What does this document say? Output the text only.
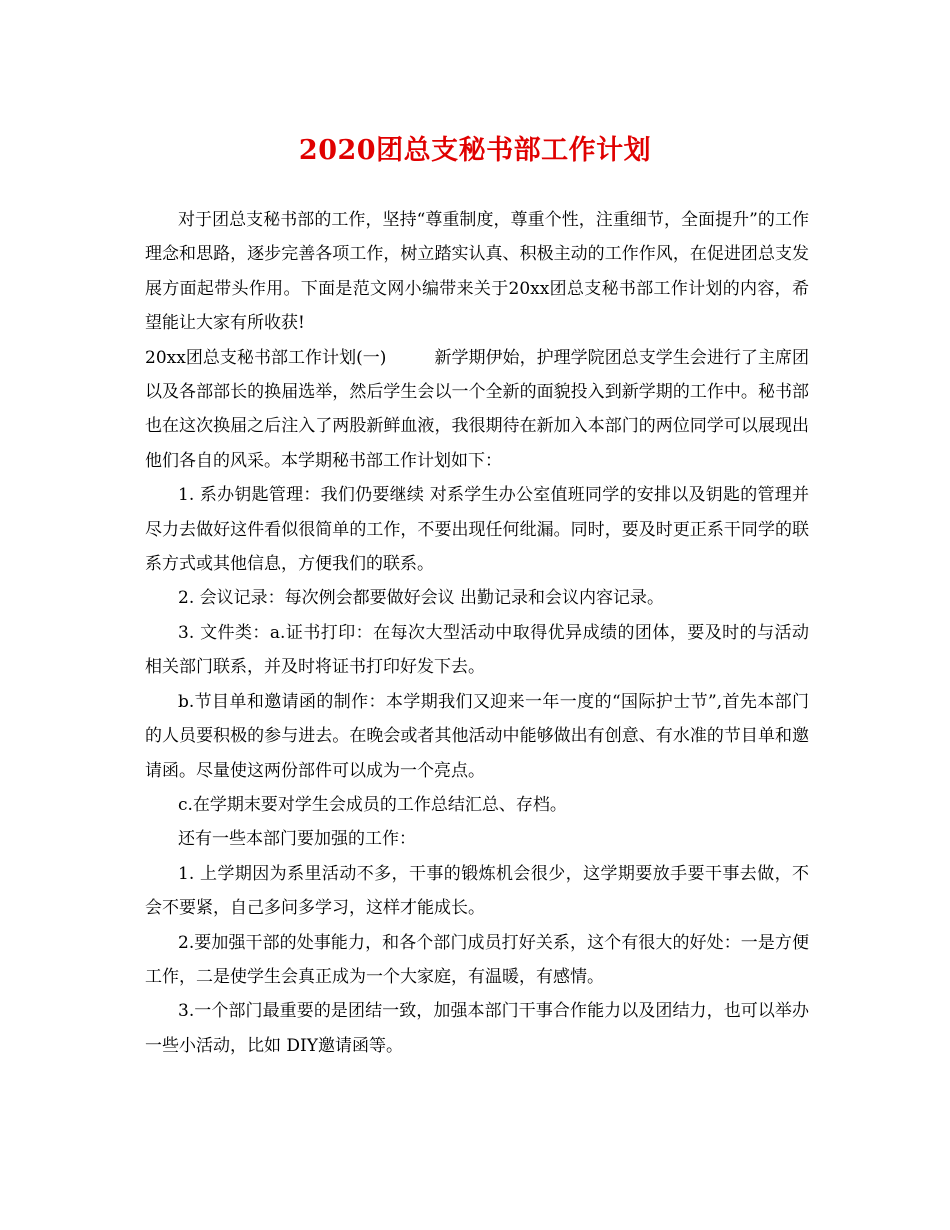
2020团总支秘书部工作计划

对于团总支秘书部的工作，坚持“尊重制度，尊重个性，注重细节，全面提升”的工作理念和思路，逐步完善各项工作，树立踏实认真、积极主动的工作作风，在促进团总支发展方面起带头作用。下面是范文网小编带来关于20xx团总支秘书部工作计划的内容，希望能让大家有所收获!

20xx团总支秘书部工作计划(一)	新学期伊始，护理学院团总支学生会进行了主席团以及各部部长的换届选举，然后学生会以一个全新的面貌投入到新学期的工作中。秘书部也在这次换届之后注入了两股新鲜血液，我很期待在新加入本部门的两位同学可以展现出他们各自的风采。本学期秘书部工作计划如下：

1. 系办钥匙管理：我们仍要继续 对系学生办公室值班同学的安排以及钥匙的管理并尽力去做好这件看似很简单的工作，不要出现任何纰漏。同时，要及时更正系干同学的联系方式或其他信息，方便我们的联系。

2. 会议记录：每次例会都要做好会议 出勤记录和会议内容记录。

3. 文件类：a.证书打印：在每次大型活动中取得优异成绩的团体，要及时的与活动相关部门联系，并及时将证书打印好发下去。

b.节目单和邀请函的制作：本学期我们又迎来一年一度的“国际护士节”,首先本部门的人员要积极的参与进去。在晚会或者其他活动中能够做出有创意、有水准的节目单和邀请函。尽量使这两份部件可以成为一个亮点。

c.在学期末要对学生会成员的工作总结汇总、存档。

还有一些本部门要加强的工作：

1. 上学期因为系里活动不多，干事的锻炼机会很少，这学期要放手要干事去做，不会不要紧，自己多问多学习，这样才能成长。

2.要加强干部的处事能力，和各个部门成员打好关系，这个有很大的好处：一是方便工作，二是使学生会真正成为一个大家庭，有温暖，有感情。

3.一个部门最重要的是团结一致，加强本部门干事合作能力以及团结力，也可以举办一些小活动，比如 DIY邀请函等。
